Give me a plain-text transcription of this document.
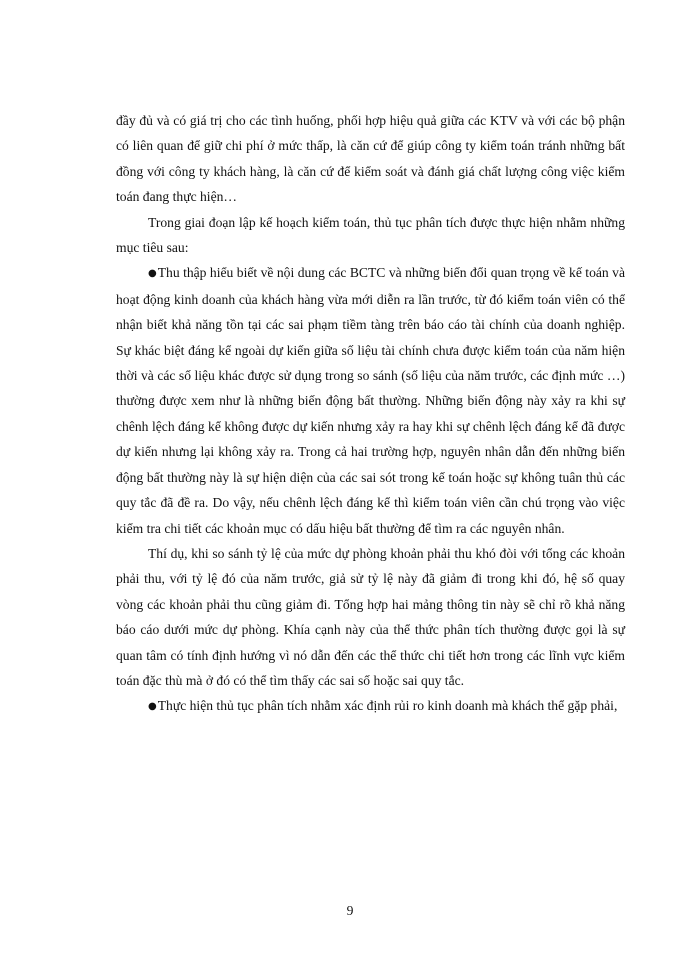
đầy đủ và có giá trị cho các tình huống, phối hợp hiệu quả giữa các KTV và với các bộ phận có liên quan để giữ chi phí ở mức thấp, là căn cứ để giúp công ty kiểm toán tránh những bất đồng với công ty khách hàng, là căn cứ để kiểm soát và đánh giá chất lượng công việc kiểm toán đang thực hiện…

Trong giai đoạn lập kế hoạch kiểm toán, thủ tục phân tích được thực hiện nhằm những mục tiêu sau:

●Thu thập hiểu biết về nội dung các BCTC và những biến đổi quan trọng về kế toán và hoạt động kinh doanh của khách hàng vừa mới diễn ra lần trước, từ đó kiểm toán viên có thể nhận biết khả năng tồn tại các sai phạm tiềm tàng trên báo cáo tài chính của doanh nghiệp. Sự khác biệt đáng kể ngoài dự kiến giữa số liệu tài chính chưa được kiểm toán của năm hiện thời và các số liệu khác được sử dụng trong so sánh (số liệu của năm trước, các định mức …) thường được xem như là những biến động bất thường. Những biến động này xảy ra khi sự chênh lệch đáng kể không được dự kiến nhưng xảy ra hay khi sự chênh lệch đáng kể đã được dự kiến nhưng lại không xảy ra. Trong cả hai trường hợp, nguyên nhân dẫn đến những biến động bất thường này là sự hiện diện của các sai sót trong kế toán hoặc sự không tuân thủ các quy tắc đã đề ra. Do vậy, nếu chênh lệch đáng kể thì kiểm toán viên cần chú trọng vào việc kiểm tra chi tiết các khoản mục có dấu hiệu bất thường để tìm ra các nguyên nhân.

Thí dụ, khi so sánh tỷ lệ của mức dự phòng khoản phải thu khó đòi với tổng các khoản phải thu, với tỷ lệ đó của năm trước, giả sử tỷ lệ này đã giảm đi trong khi đó, hệ số quay vòng các khoản phải thu cũng giảm đi. Tổng hợp hai mảng thông tin này sẽ chỉ rõ khả năng báo cáo dưới mức dự phòng. Khía cạnh này của thể thức phân tích thường được gọi là sự quan tâm có tính định hướng vì nó dẫn đến các thể thức chi tiết hơn trong các lĩnh vực kiểm toán đặc thù mà ở đó có thể tìm thấy các sai số hoặc sai quy tắc.

●Thực hiện thủ tục phân tích nhằm xác định rủi ro kinh doanh mà khách thể gặp phải,

9
